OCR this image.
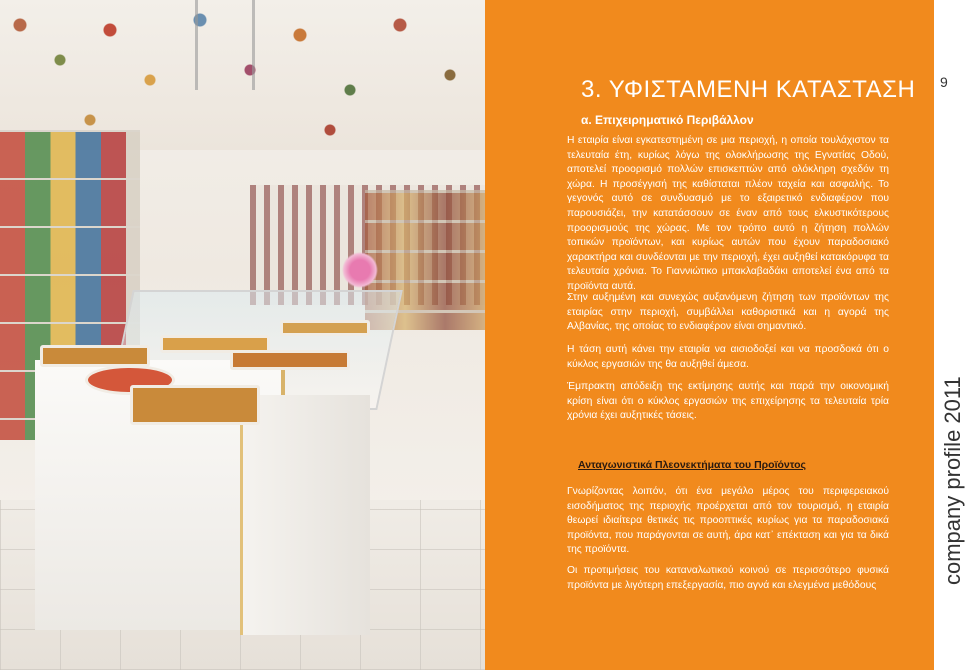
3. ΥΦΙΣΤΑΜΕΝΗ ΚΑΤΑΣΤΑΣΗ
α. Επιχειρηματικό Περιβάλλον

Η εταιρία είναι εγκατεστημένη σε μια περιοχή, η οποία τουλάχιστον τα τελευταία έτη, κυρίως λόγω της ολοκλήρωσης της Εγνατίας Οδού, αποτελεί προορισμό πολλών επισκεπτών από ολόκληρη σχεδόν τη χώρα. Η προσέγγισή της καθίσταται πλέον ταχεία και ασφαλής. Το γεγονός αυτό σε συνδυασμό με το εξαιρετικό ενδιαφέρον που παρουσιάζει, την κατατάσσουν σε έναν από τους ελκυστικότερους προορισμούς της χώρας. Με τον τρόπο αυτό η ζήτηση πολλών τοπικών προϊόντων, και κυρίως αυτών που έχουν παραδοσιακό χαρακτήρα και συνδέονται με την περιοχή, έχει αυξηθεί κατακόρυφα τα τελευταία χρόνια. Το Γιαννιώτικο μπακλαβαδάκι αποτελεί ένα από τα προϊόντα αυτά.

Στην αυξημένη και συνεχώς αυξανόμενη ζήτηση των προϊόντων της εταιρίας στην περιοχή, συμβάλλει καθοριστικά και η αγορά της Αλβανίας, της οποίας το ενδιαφέρον είναι σημαντικό.

Η τάση αυτή κάνει την εταιρία να αισιοδοξεί και να προσδοκά ότι ο κύκλος εργασιών της θα αυξηθεί άμεσα.

Έμπρακτη απόδειξη της εκτίμησης αυτής και παρά την οικονομική κρίση είναι ότι ο κύκλος εργασιών της επιχείρησης τα τελευταία τρία χρόνια έχει αυξητικές τάσεις.

Ανταγωνιστικά Πλεονεκτήματα του Προϊόντος

Γνωρίζοντας λοιπόν, ότι ένα μεγάλο μέρος του περιφερειακού εισοδήματος της περιοχής προέρχεται από τον τουρισμό, η εταιρία θεωρεί ιδιαίτερα θετικές τις προοπτικές κυρίως για τα παραδοσιακά προϊόντα, που παράγονται σε αυτή, άρα κατ᾽ επέκταση και για τα δικά της προϊόντα.

Οι προτιμήσεις του καταναλωτικού κοινού σε περισσότερο φυσικά προϊόντα με λιγότερη επεξεργασία, πιο αγνά και ελεγμένα μεθόδους

9
company profile 2011
